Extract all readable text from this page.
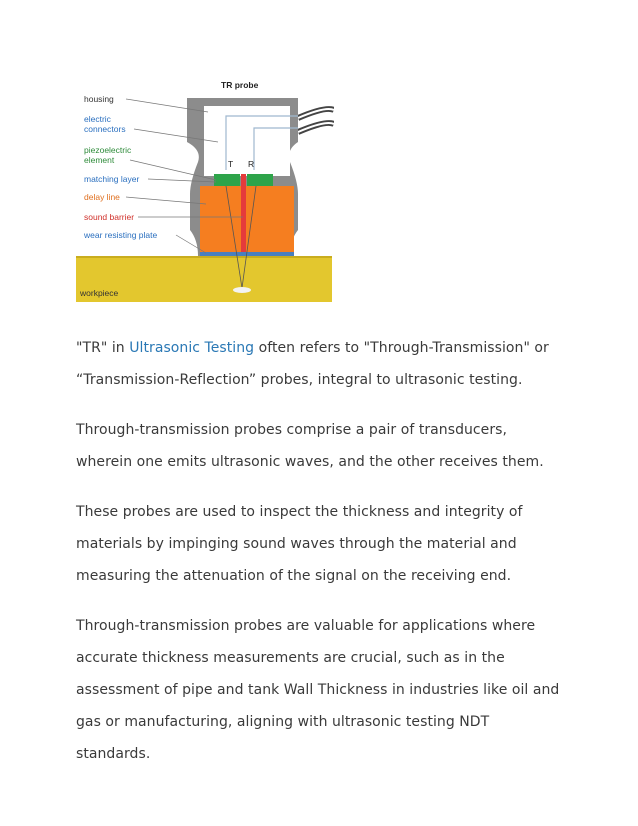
workpiece
T R
TR probe
housing
electric
connectors
piezoelectric
element
matching layer
delay line
sound barrier
wear resisting plate

"TR" in Ultrasonic Testing often refers to "Through-Transmission" or
“Transmission-Reflection” probes, integral to ultrasonic testing.

Through-transmission probes comprise a pair of transducers,
wherein one emits ultrasonic waves, and the other receives them.

These probes are used to inspect the thickness and integrity of
materials by impinging sound waves through the material and
measuring the attenuation of the signal on the receiving end.

Through-transmission probes are valuable for applications where
accurate thickness measurements are crucial, such as in the
assessment of pipe and tank Wall Thickness in industries like oil and
gas or manufacturing, aligning with ultrasonic testing NDT
standards.
